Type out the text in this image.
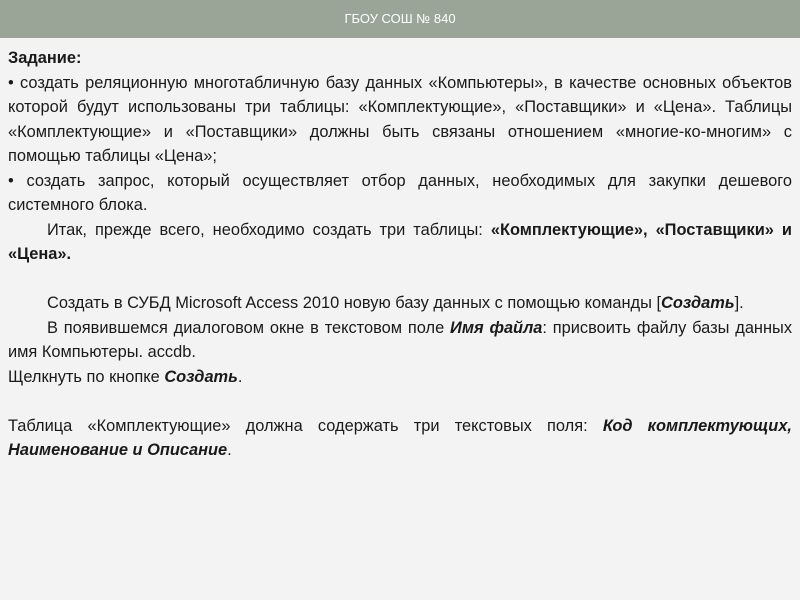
ГБОУ СОШ № 840
Задание:
• создать реляционную многотабличную базу данных «Компьютеры», в качестве основных объектов которой будут использованы три таблицы: «Комплектующие», «Поставщики» и «Цена». Таблицы «Комплектующие» и «Поставщики» должны быть связаны отношением «многие-ко-многим» с помощью таблицы «Цена»;
• создать запрос, который осуществляет отбор данных, необходимых для закупки дешевого системного блока.
Итак, прежде всего, необходимо создать три таблицы: «Комплектующие», «Поставщики» и «Цена».
Создать в СУБД Microsoft Access 2010 новую базу данных с помощью команды [Создать].
В появившемся диалоговом окне в текстовом поле Имя файла: присвоить файлу базы данных имя Компьютеры. accdb.
Щелкнуть по кнопке Создать.
Таблица «Комплектующие» должна содержать три текстовых поля: Код комплектующих, Наименование и Описание.
